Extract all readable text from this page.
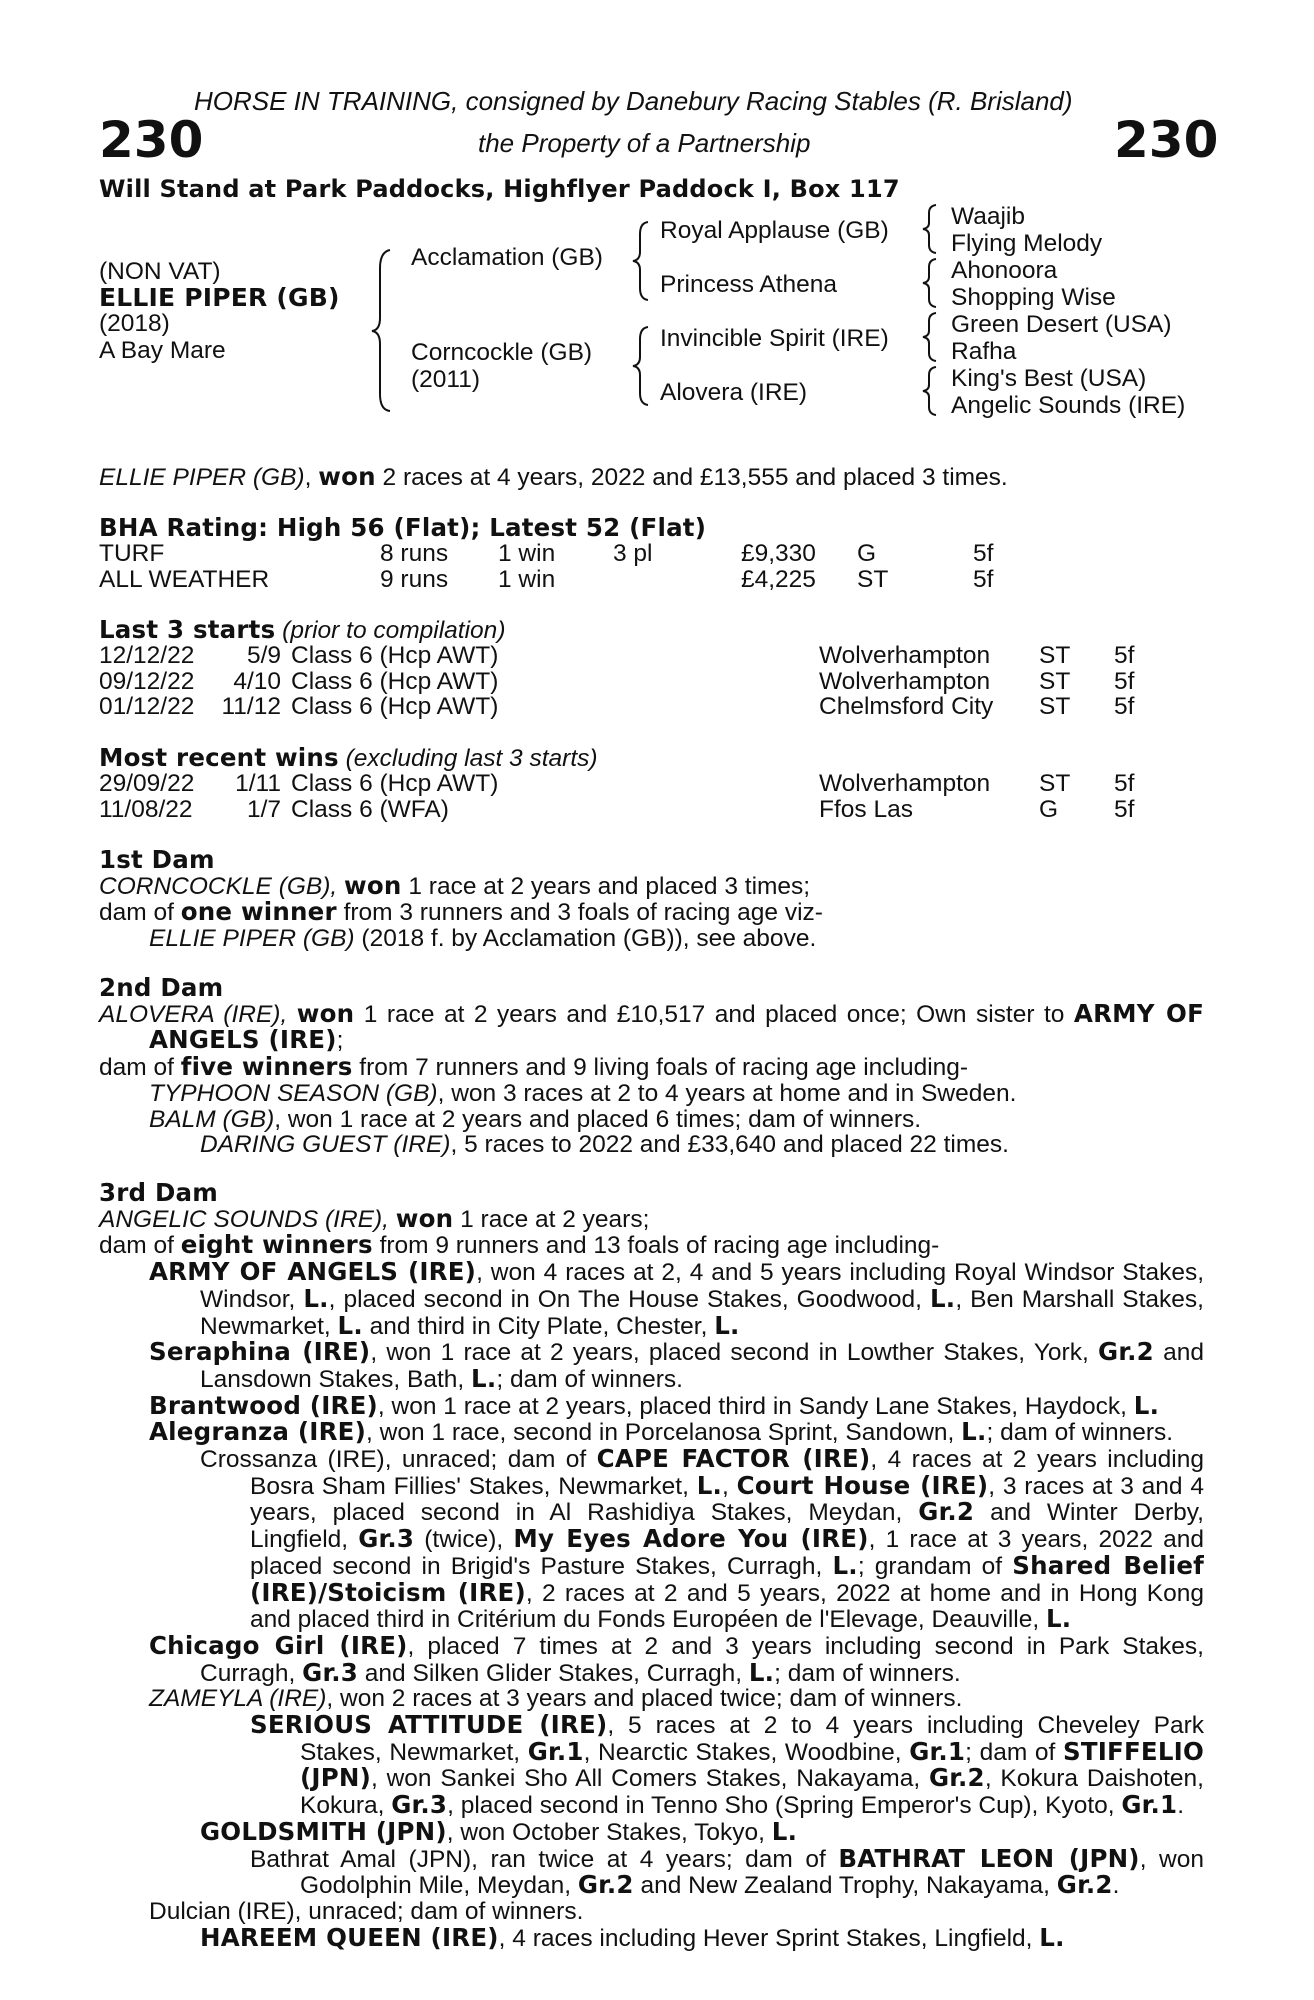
HORSE IN TRAINING, consigned by Danebury Racing Stables (R. Brisland)
230	the Property of a Partnership	230
Will Stand at Park Paddocks, Highflyer Paddock I, Box 117
(NON VAT)
ELLIE PIPER (GB)
(2018)
A Bay Mare
Acclamation (GB)
Corncockle (GB)
(2011)
Royal Applause (GB)
Princess Athena
Invincible Spirit (IRE)
Alovera (IRE)
Waajib
Flying Melody
Ahonoora
Shopping Wise
Green Desert (USA)
Rafha
King's Best (USA)
Angelic Sounds (IRE)
ELLIE PIPER (GB), won 2 races at 4 years, 2022 and £13,555 and placed 3 times.
BHA Rating: High 56 (Flat); Latest 52 (Flat)
TURF	8 runs 1 win 3 pl	£9,330 G	5f
ALL WEATHER	9 runs 1 win	£4,225 ST	5f
Last 3 starts (prior to compilation)
12/12/22 5/9 Class 6 (Hcp AWT)	Wolverhampton ST 5f
09/12/22 4/10 Class 6 (Hcp AWT)	Wolverhampton ST 5f
01/12/22 11/12 Class 6 (Hcp AWT)	Chelmsford City ST 5f
Most recent wins (excluding last 3 starts)
29/09/22 1/11 Class 6 (Hcp AWT)	Wolverhampton ST 5f
11/08/22 1/7 Class 6 (WFA)	Ffos Las	G 5f

1st Dam

CORNCOCKLE (GB), won 1 race at 2 years and placed 3 times;

dam of one winner from 3 runners and 3 foals of racing age viz-

ELLIE PIPER (GB) (2018 f. by Acclamation (GB)), see above.

2nd Dam

ALOVERA (IRE), won 1 race at 2 years and £10,517 and placed once; Own sister to ARMY OF ANGELS (IRE);

dam of five winners from 7 runners and 9 living foals of racing age including-

TYPHOON SEASON (GB), won 3 races at 2 to 4 years at home and in Sweden.

BALM (GB), won 1 race at 2 years and placed 6 times; dam of winners.

DARING GUEST (IRE), 5 races to 2022 and £33,640 and placed 22 times.

3rd Dam

ANGELIC SOUNDS (IRE), won 1 race at 2 years;

dam of eight winners from 9 runners and 13 foals of racing age including-

ARMY OF ANGELS (IRE), won 4 races at 2, 4 and 5 years including Royal Windsor Stakes, Windsor, L., placed second in On The House Stakes, Goodwood, L., Ben Marshall Stakes, Newmarket, L. and third in City Plate, Chester, L.

Seraphina (IRE), won 1 race at 2 years, placed second in Lowther Stakes, York, Gr.2 and Lansdown Stakes, Bath, L.; dam of winners.

Brantwood (IRE), won 1 race at 2 years, placed third in Sandy Lane Stakes, Haydock, L.

Alegranza (IRE), won 1 race, second in Porcelanosa Sprint, Sandown, L.; dam of winners.

Crossanza (IRE), unraced; dam of CAPE FACTOR (IRE), 4 races at 2 years including Bosra Sham Fillies' Stakes, Newmarket, L., Court House (IRE), 3 races at 3 and 4 years, placed second in Al Rashidiya Stakes, Meydan, Gr.2 and Winter Derby, Lingfield, Gr.3 (twice), My Eyes Adore You (IRE), 1 race at 3 years, 2022 and placed second in Brigid's Pasture Stakes, Curragh, L.; grandam of Shared Belief (IRE)/Stoicism (IRE), 2 races at 2 and 5 years, 2022 at home and in Hong Kong and placed third in Critérium du Fonds Européen de l'Elevage, Deauville, L.

Chicago Girl (IRE), placed 7 times at 2 and 3 years including second in Park Stakes, Curragh, Gr.3 and Silken Glider Stakes, Curragh, L.; dam of winners.

ZAMEYLA (IRE), won 2 races at 3 years and placed twice; dam of winners.

SERIOUS ATTITUDE (IRE), 5 races at 2 to 4 years including Cheveley Park Stakes, Newmarket, Gr.1, Nearctic Stakes, Woodbine, Gr.1; dam of STIFFELIO (JPN), won Sankei Sho All Comers Stakes, Nakayama, Gr.2, Kokura Daishoten, Kokura, Gr.3, placed second in Tenno Sho (Spring Emperor's Cup), Kyoto, Gr.1.

GOLDSMITH (JPN), won October Stakes, Tokyo, L.

Bathrat Amal (JPN), ran twice at 4 years; dam of BATHRAT LEON (JPN), won Godolphin Mile, Meydan, Gr.2 and New Zealand Trophy, Nakayama, Gr.2.

Dulcian (IRE), unraced; dam of winners.

HAREEM QUEEN (IRE), 4 races including Hever Sprint Stakes, Lingfield, L.
